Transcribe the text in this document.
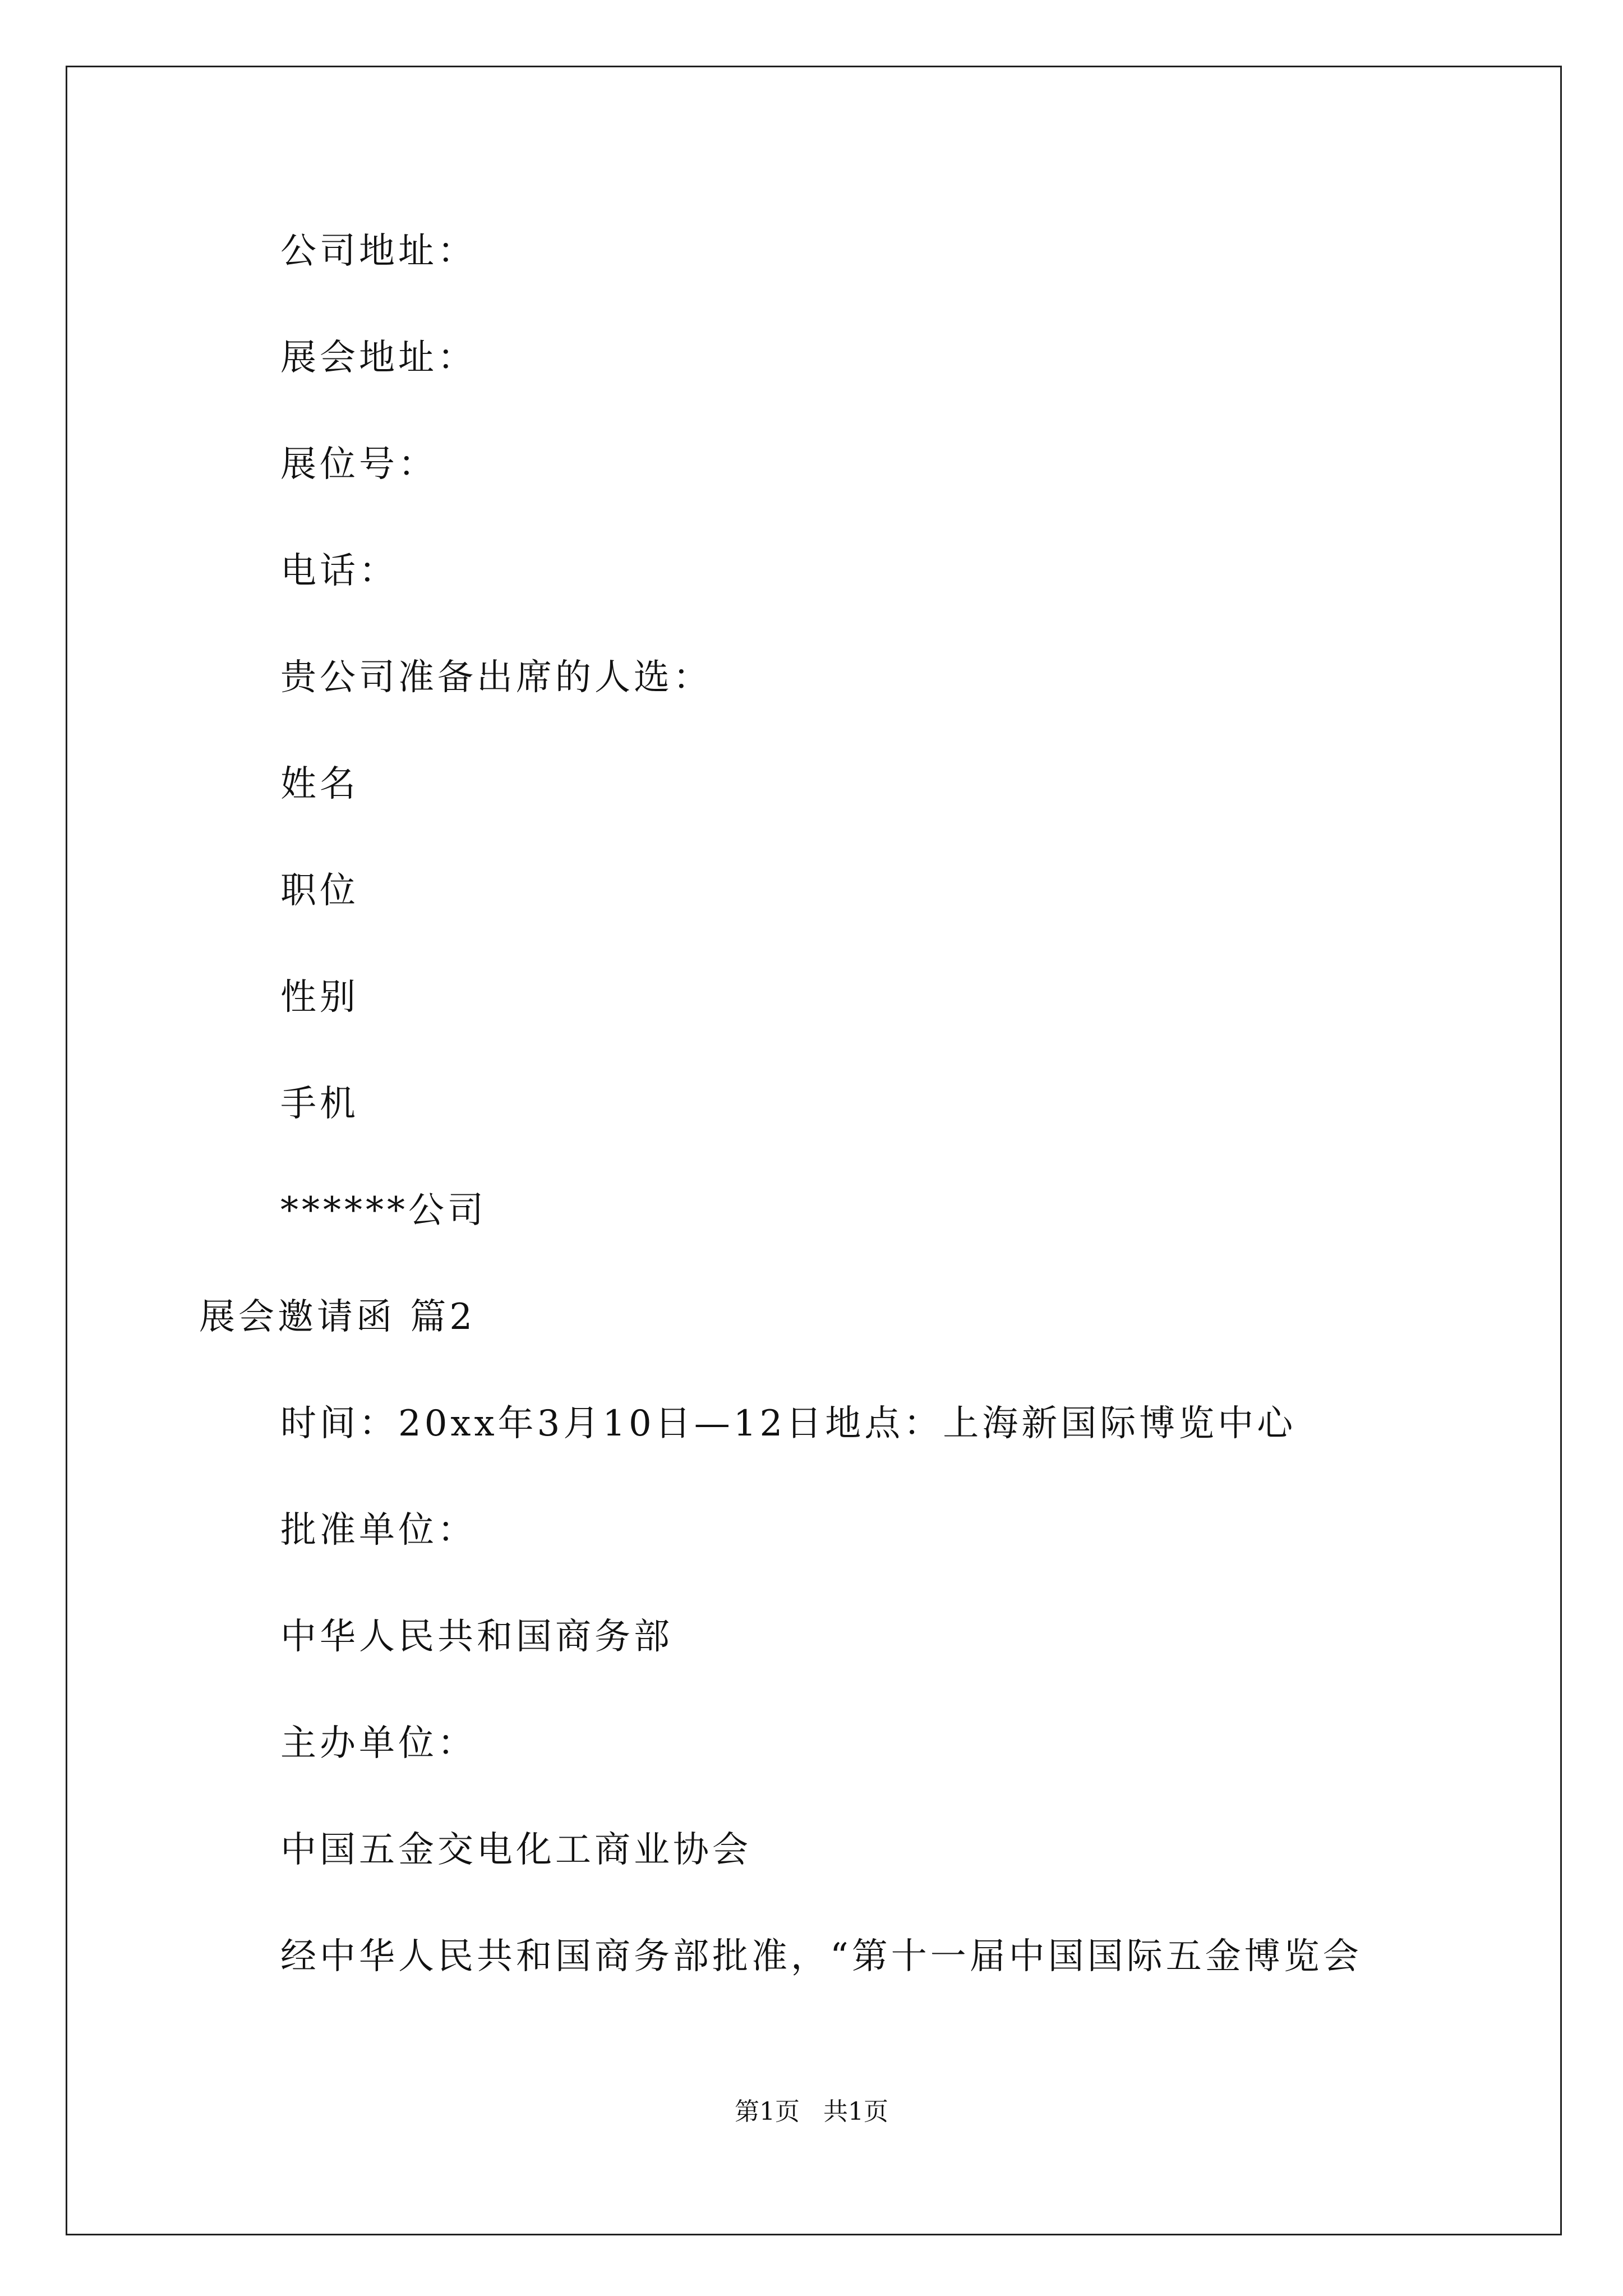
公司地址：
展会地址：
展位号：
电话：
贵公司准备出席的人选：
姓名
职位
性别
手机
******公司
展会邀请函 篇2
时间：20xx年3月10日—12日地点：上海新国际博览中心
批准单位：
中华人民共和国商务部
主办单位：
中国五金交电化工商业协会
经中华人民共和国商务部批准，“第十一届中国国际五金博览会
第1页 共1页
